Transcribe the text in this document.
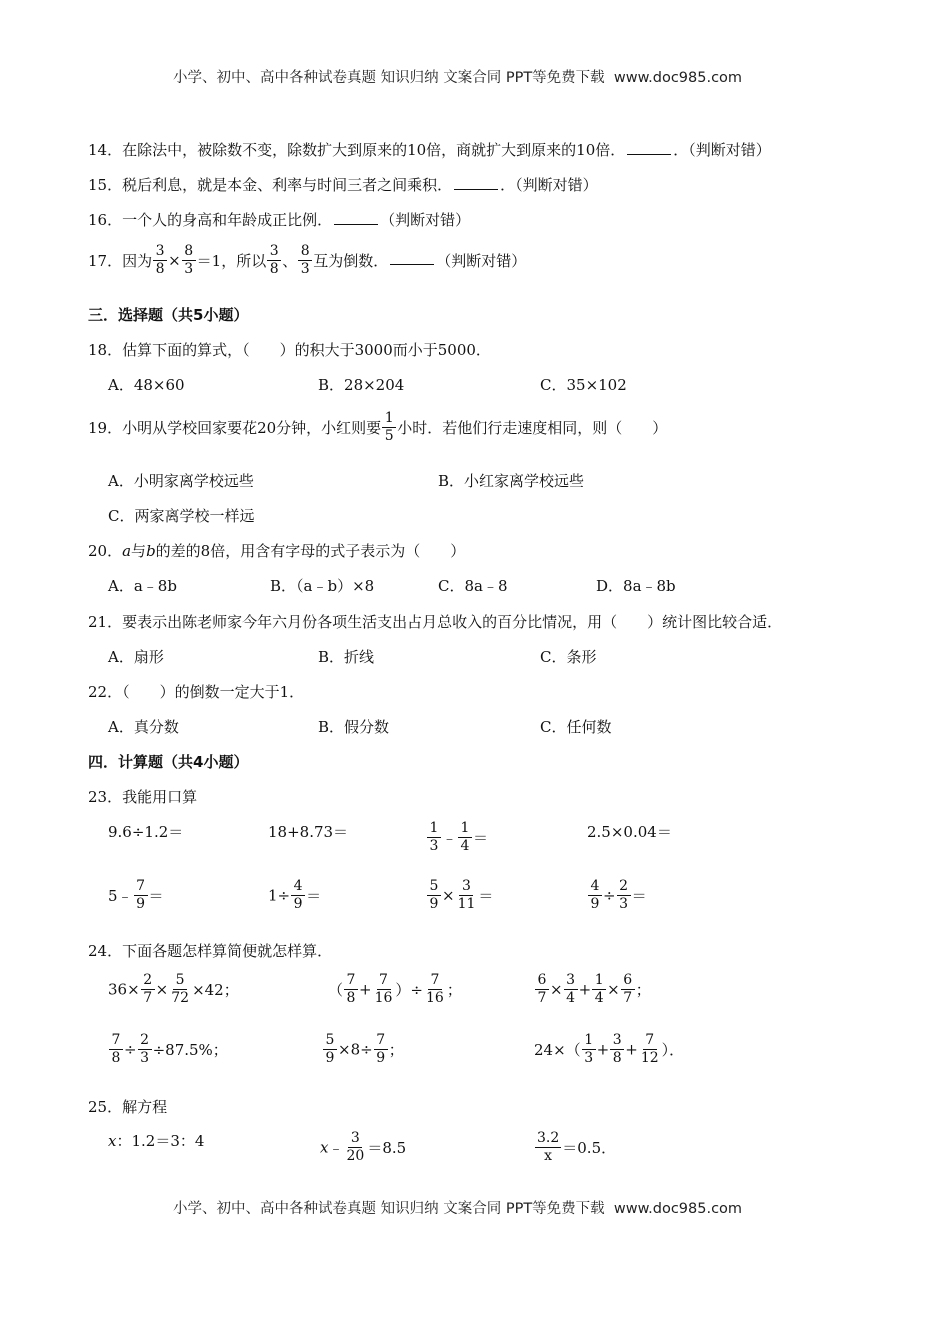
小学、初中、高中各种试卷真题 知识归纳 文案合同 PPT等免费下载 www.doc985.com
小学、初中、高中各种试卷真题 知识归纳 文案合同 PPT等免费下载 www.doc985.com
14．在除法中，被除数不变，除数扩大到原来的10倍，商就扩大到原来的10倍．	．（判断对错）
15．税后利息，就是本金、利率与时间三者之间乘积．	．（判断对错）
16．一个人的身高和年龄成正比例．	（判断对错）
17．因为 $\frac{3}{8} \times \frac{8}{3} =1$，所以 $\frac{3}{8}$ 、 $\frac{8}{3}$ 互为倒数．	（判断对错）
三．选择题（共5小题）
18．估算下面的算式，（　　）的积大于3000而小于5000．
A．48×60	B．28×204	C．35×102
19．小明从学校回家要花20分钟，小红则要 $\frac{1}{5}$ 小时．若他们行走速度相同，则（　　）
A．小明家离学校远些	B．小红家离学校远些
C．两家离学校一样远
20．a与b的差的8倍，用含有字母的式子表示为（　　）
A．a﹣8b	B．（a﹣b）×8	C．8a﹣8	D．8a﹣8b
21．要表示出陈老师家今年六月份各项生活支出占月总收入的百分比情况，用（　　）统计图比较合适．
A．扇形	B．折线	C．条形
22．（　　）的倒数一定大于1．
A．真分数	B．假分数	C．任何数
四．计算题（共4小题）
23．我能用口算
9.6÷1.2＝	18+8.73＝	$\frac{1}{3}$ ﹣ $\frac{1}{4}$ ＝	2.5×0.04＝
5﹣ $\frac{7}{9}$ ＝	$1\div \frac{4}{9}$ ＝	$\frac{5}{9} \times \frac{3}{11}$ ＝	$\frac{4}{9} \div \frac{2}{3}$ ＝
24．下面各题怎样算简便就怎样算．
$36\times \frac{2}{7} \times \frac{5}{72} \times 42$；	（ $\frac{7}{8} + \frac{7}{16}$ ）÷ $\frac{7}{16}$ ；	$\frac{6}{7} \times \frac{3}{4} + \frac{1}{4} \times \frac{6}{7}$ ；
$\frac{7}{8} \div \frac{2}{3} \div 87.5\%$；	$\frac{5}{9} \times 8\div \frac{7}{9}$ ；	$24\times( \frac{1}{3} + \frac{3}{8} + \frac{7}{12}$ ）．
25．解方程
x：1.2＝3：4	x﹣ $\frac{3}{20} =8.5$	$\frac{3.2}{x} =0.5$．
